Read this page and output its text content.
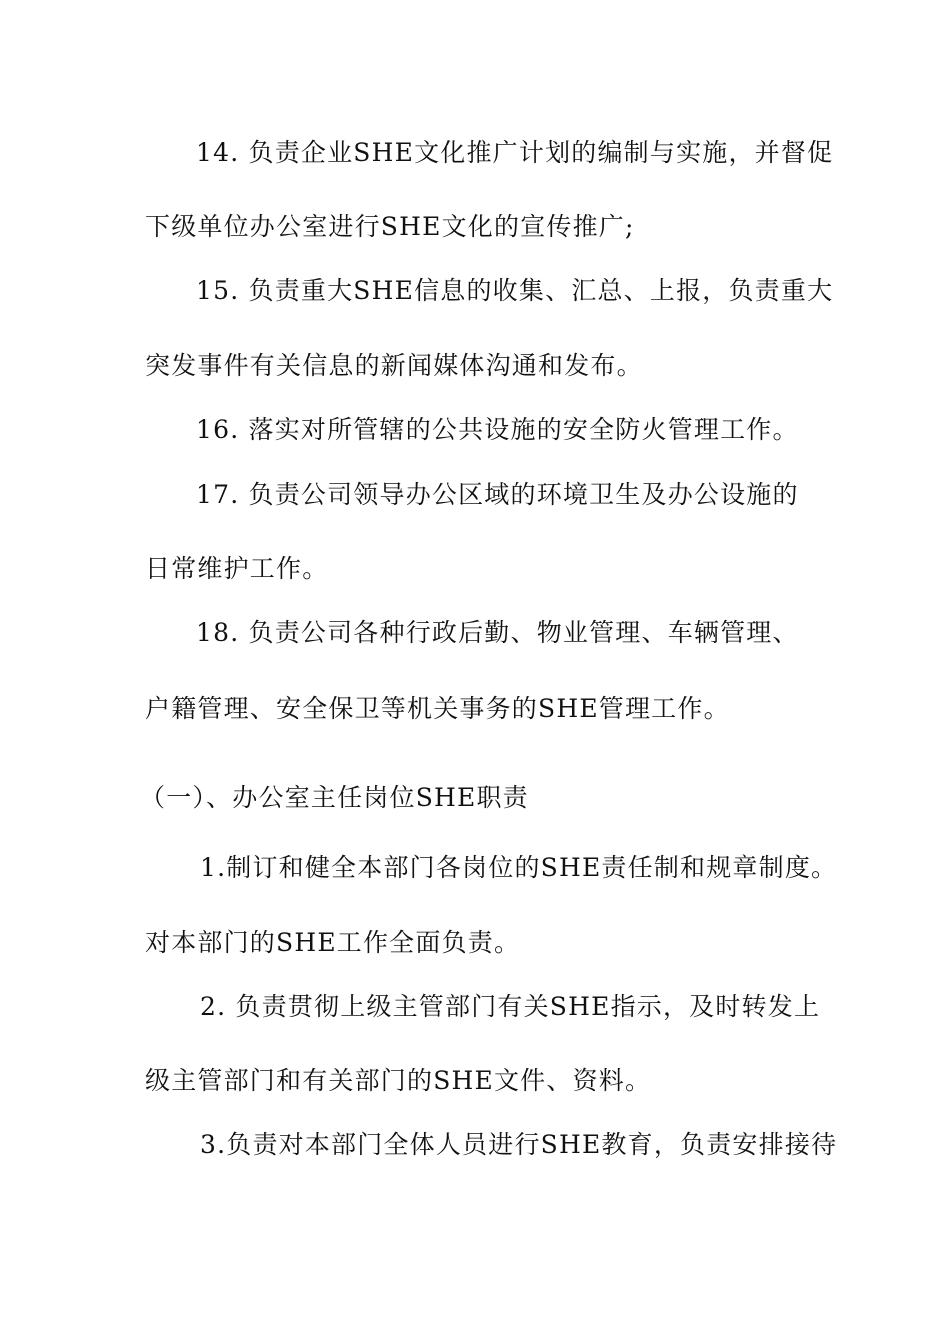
14. 负责企业SHE文化推广计划的编制与实施，并督促
下级单位办公室进行SHE文化的宣传推广;
15. 负责重大SHE信息的收集、汇总、上报，负责重大
突发事件有关信息的新闻媒体沟通和发布。
16. 落实对所管辖的公共设施的安全防火管理工作。
17. 负责公司领导办公区域的环境卫生及办公设施的
日常维护工作。
18. 负责公司各种行政后勤、物业管理、车辆管理、
户籍管理、安全保卫等机关事务的SHE管理工作。
（一）、办公室主任岗位SHE职责
1.制订和健全本部门各岗位的SHE责任制和规章制度。
对本部门的SHE工作全面负责。
2. 负责贯彻上级主管部门有关SHE指示，及时转发上
级主管部门和有关部门的SHE文件、资料。
3.负责对本部门全体人员进行SHE教育，负责安排接待
